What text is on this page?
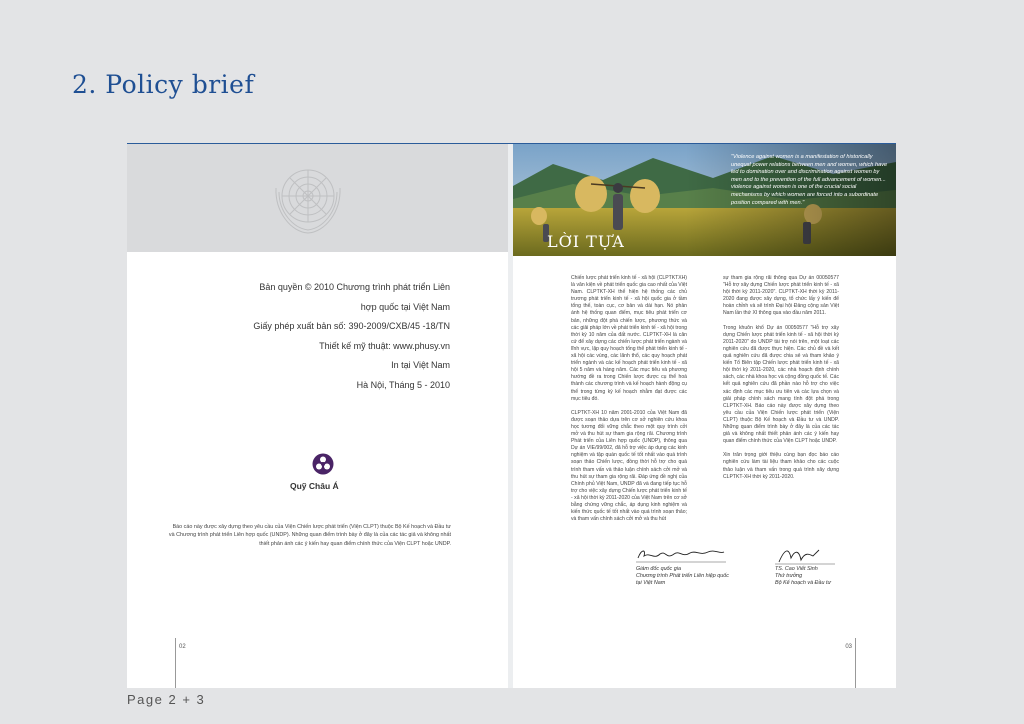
2. Policy brief
Bản quyền © 2010 Chương trình phát triển Liên
hợp quốc tại Việt Nam
Giấy phép xuất bản số: 390-2009/CXB/45 -18/TN
Thiết kế mỹ thuật: www.phusy.vn
In tại Việt Nam
Hà Nội, Tháng 5 - 2010
Quỹ Châu Á
Báo cáo này được xây dựng theo yêu cầu của Viện Chiến lược phát triển (Viện CLPT) thuộc Bộ Kế hoạch và Đầu tư và Chương trình phát triển Liên hợp quốc (UNDP). Những quan điểm trình bày ở đây là của các tác giả và không nhất thiết phản ánh các ý kiến hay quan điểm chính thức của Viện CLPT hoặc UNDP.
02
"Violence against women is a manifestation of historically unequal power relations between men and women, which have led to domination over and discrimination against women by men and to the prevention of the full advancement of women... violence against women is one of the crucial social mechanisms by which women are forced into a subordinate position compared with men."
LỜI TỰA
Chiến lược phát triển kinh tế - xã hội (CLPTKTXH) là văn kiện về phát triển quốc gia cao nhất của Việt Nam. CLPTKT-XH thể hiện hệ thống các chủ trương phát triển kinh tế - xã hội quốc gia ở tầm tổng thể, toàn cục, cơ bản và dài hạn. Nó phản ánh hệ thống quan điểm, mục tiêu phát triển cơ bản, những đột phá chiến lược, phương thức và các giải pháp lớn về phát triển kinh tế - xã hội trong thời kỳ 10 năm của đất nước. CLPTKT-XH là căn cứ để xây dựng các chiến lược phát triển ngành và lĩnh vực, lập quy hoạch tổng thể phát triển kinh tế - xã hội các vùng, các lãnh thổ, các quy hoạch phát triển ngành và các kế hoạch phát triển kinh tế - xã hội 5 năm và hàng năm. Các mục tiêu và phương hướng đề ra trong Chiến lược được cụ thể hoá thành các chương trình và kế hoạch hành động cụ thể trong từng kỳ kế hoạch nhằm đạt được các mục tiêu đó.

CLPTKT-XH 10 năm 2001-2010 của Việt Nam đã được soạn thảo dựa trên cơ sở nghiên cứu khoa học tương đối vững chắc theo một quy trình cởi mở và thu hút sự tham gia rộng rãi. Chương trình Phát triển của Liên hợp quốc (UNDP), thông qua Dự án VIE/99/002, đã hỗ trợ việc áp dụng các kinh nghiệm và tập quán quốc tế tốt nhất vào quá trình soạn thảo Chiến lược, đồng thời hỗ trợ cho quá trình tham vấn và thảo luận chính sách cởi mở và thu hút sự tham gia rộng rãi. Đáp ứng đề nghị của Chính phủ Việt Nam, UNDP đã và đang tiếp tục hỗ trợ cho việc xây dựng Chiến lược phát triển kinh tế - xã hội thời kỳ 2011-2020 của Việt Nam trên cơ sở bằng chứng vững chắc, áp dụng kinh nghiệm và kiến thức quốc tế tốt nhất vào quá trình soạn thảo; và tham vấn chính sách cởi mở và thu hút
sự tham gia rộng rãi thông qua Dự án 00050577 "Hỗ trợ xây dựng Chiến lược phát triển kinh tế - xã hội thời kỳ 2011-2020". CLPTKT-XH thời kỳ 2011-2020 đang được xây dựng, tổ chức lấy ý kiến để hoàn chỉnh và sẽ trình Đại hội Đảng cộng sản Việt Nam lần thứ XI thông qua vào đầu năm 2011.

Trong khuôn khổ Dự án 00050577 "Hỗ trợ xây dựng Chiến lược phát triển kinh tế - xã hội thời kỳ 2011-2020" do UNDP tài trợ nói trên, một loạt các nghiên cứu đã được thực hiện. Các chủ đề và kết quả nghiên cứu đã được chia sẻ và tham khảo ý kiến Tổ Biên tập Chiến lược phát triển kinh tế - xã hội thời kỳ 2011-2020, các nhà hoạch định chính sách, các nhà khoa học và cộng đồng quốc tế. Các kết quả nghiên cứu đã phần nào hỗ trợ cho việc xác định các mục tiêu ưu tiên và các lựa chọn và giải pháp chính sách mang tính đột phá trong CLPTKT-XH. Báo cáo này được xây dựng theo yêu cầu của Viện Chiến lược phát triển (Viện CLPT) thuộc Bộ Kế hoạch và Đầu tư và UNDP. Những quan điểm trình bày ở đây là của các tác giả và không nhất thiết phản ánh các ý kiến hay quan điểm chính thức của Viện CLPT hoặc UNDP.

Xin trân trọng giới thiệu cùng bạn đọc báo cáo nghiên cứu làm tài liệu tham khảo cho các cuộc thảo luận và tham vấn trong quá trình xây dựng CLPTKT-XH thời kỳ 2011-2020.
Giám đốc quốc gia
Chương trình Phát triển Liên hiệp quốc
tại Việt Nam
TS. Cao Viết Sinh
Thứ trưởng
Bộ Kế hoạch và Đầu tư
03
Page 2 + 3
